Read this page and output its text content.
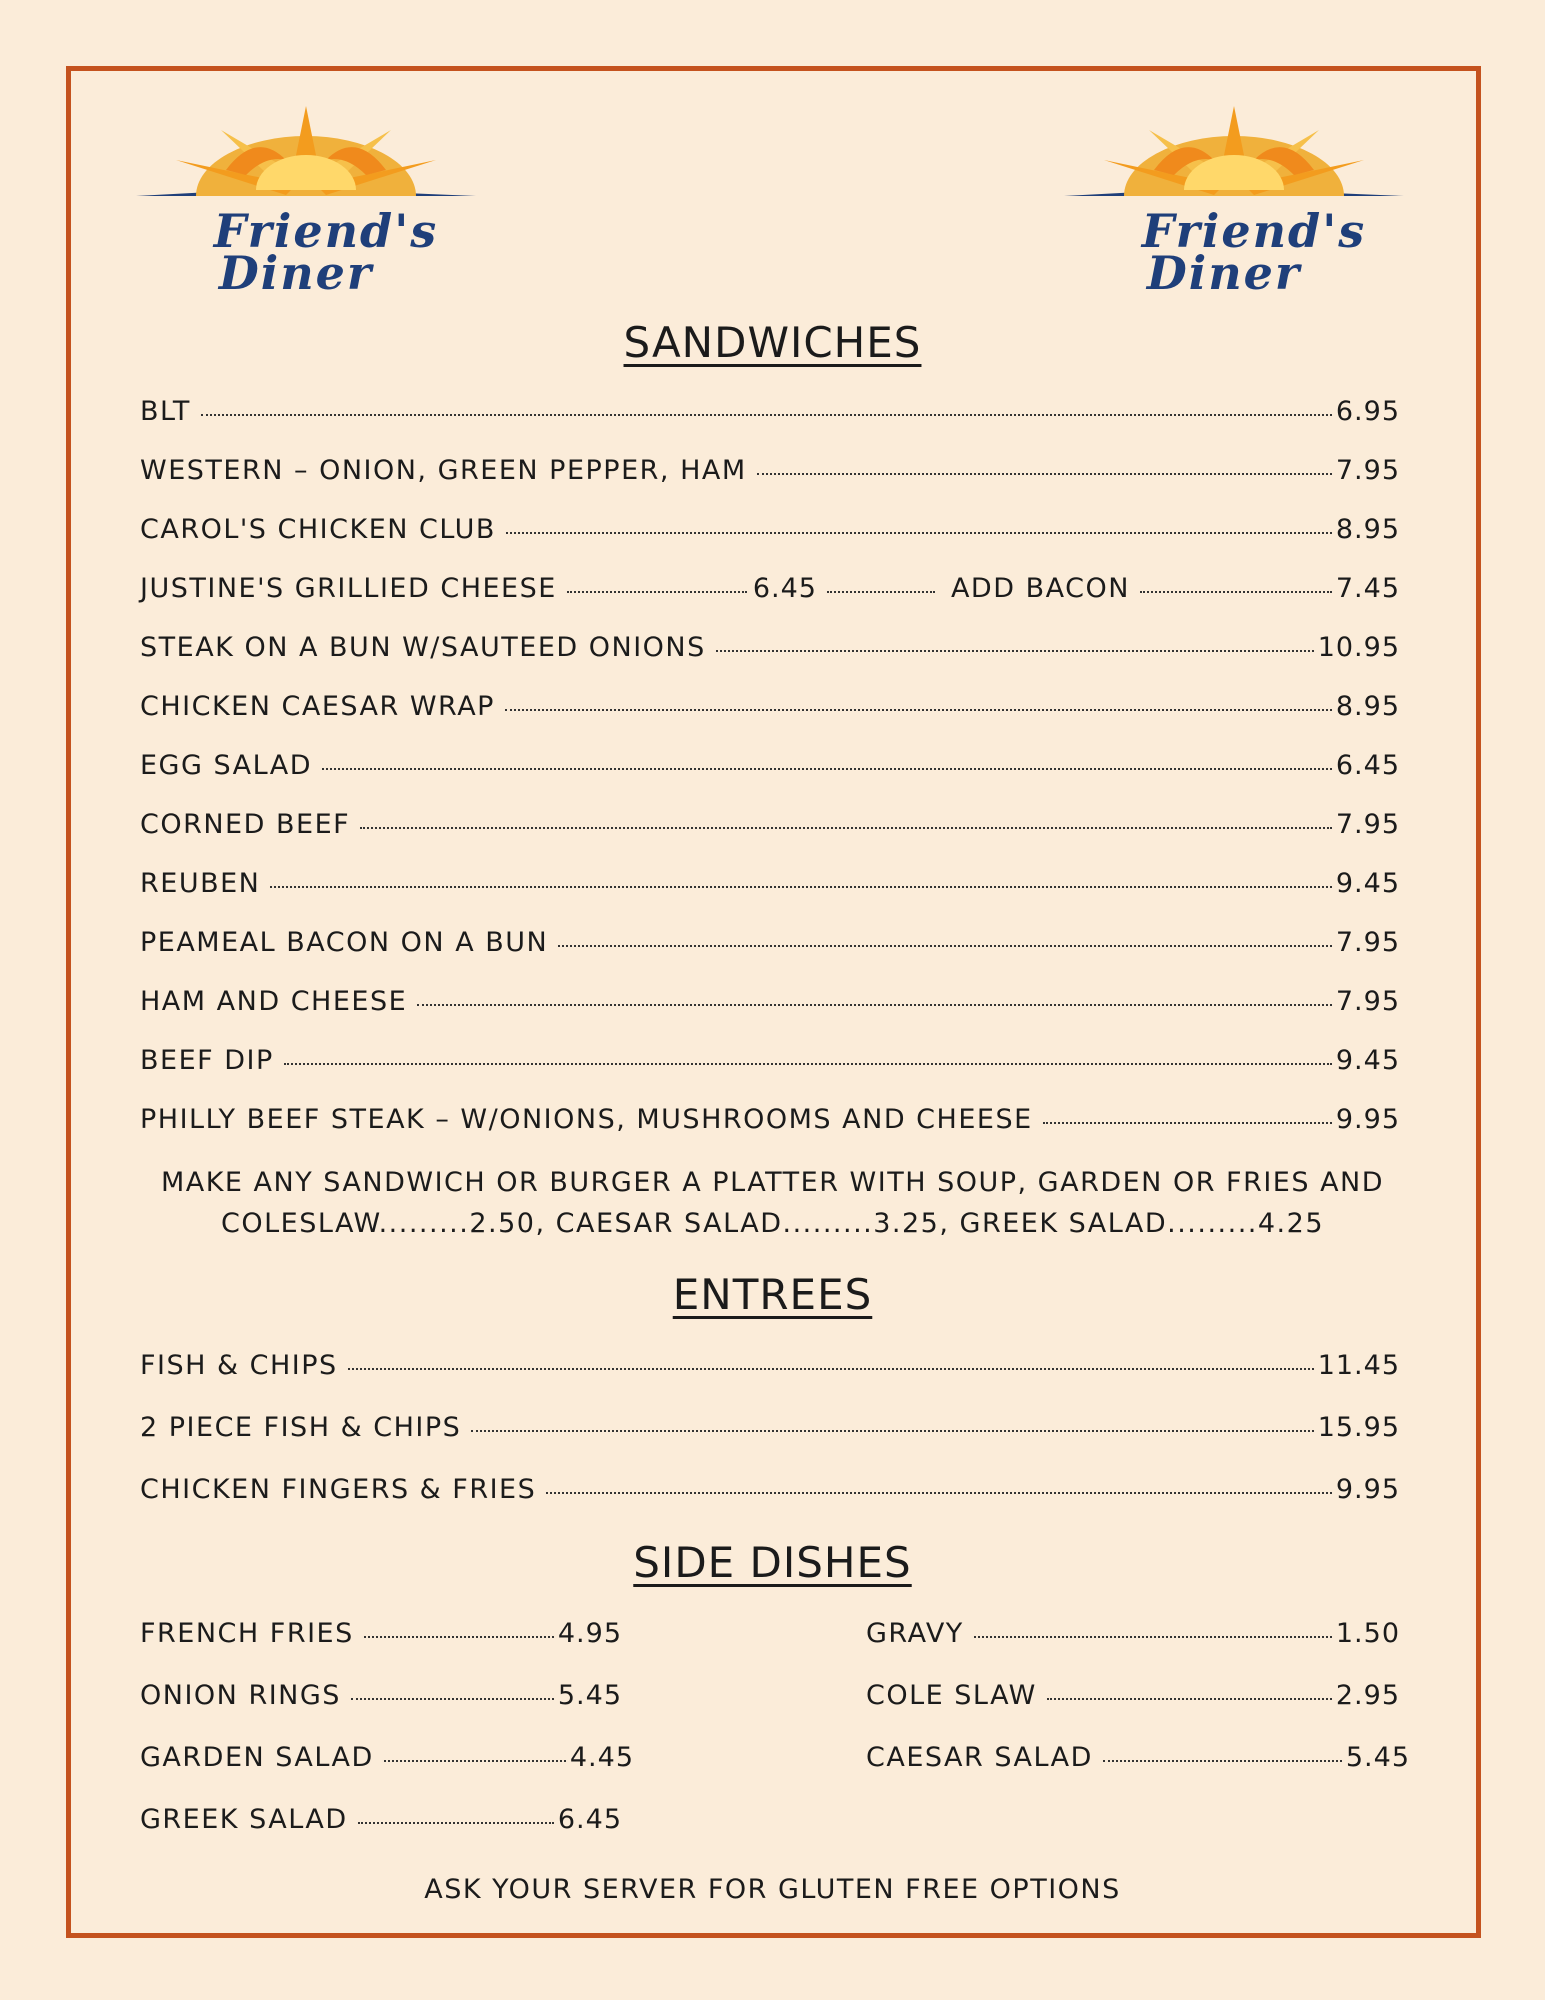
Friend's
Diner
Friend's
Diner
SANDWICHES
BLT	6.95
WESTERN – ONION, GREEN PEPPER, HAM	7.95
CAROL'S CHICKEN CLUB	8.95
JUSTINE'S GRILLIED CHEESE	6.45	ADD BACON	7.45
STEAK ON A BUN W/SAUTEED ONIONS	10.95
CHICKEN CAESAR WRAP	8.95
EGG SALAD	6.45
CORNED BEEF	7.95
REUBEN	9.45
PEAMEAL BACON ON A BUN	7.95
HAM AND CHEESE	7.95
BEEF DIP	9.45
PHILLY BEEF STEAK – W/ONIONS, MUSHROOMS AND CHEESE	9.95
MAKE ANY SANDWICH OR BURGER A PLATTER WITH SOUP, GARDEN OR FRIES AND
COLESLAW.........2.50, CAESAR SALAD.........3.25, GREEK SALAD.........4.25
ENTREES
FISH & CHIPS	11.45
2 PIECE FISH & CHIPS	15.95
CHICKEN FINGERS & FRIES	9.95
SIDE DISHES
FRENCH FRIES	4.95
ONION RINGS	5.45
GARDEN SALAD	4.45
GREEK SALAD	6.45
GRAVY	1.50
COLE SLAW	2.95
CAESAR SALAD	5.45
ASK YOUR SERVER FOR GLUTEN FREE OPTIONS
